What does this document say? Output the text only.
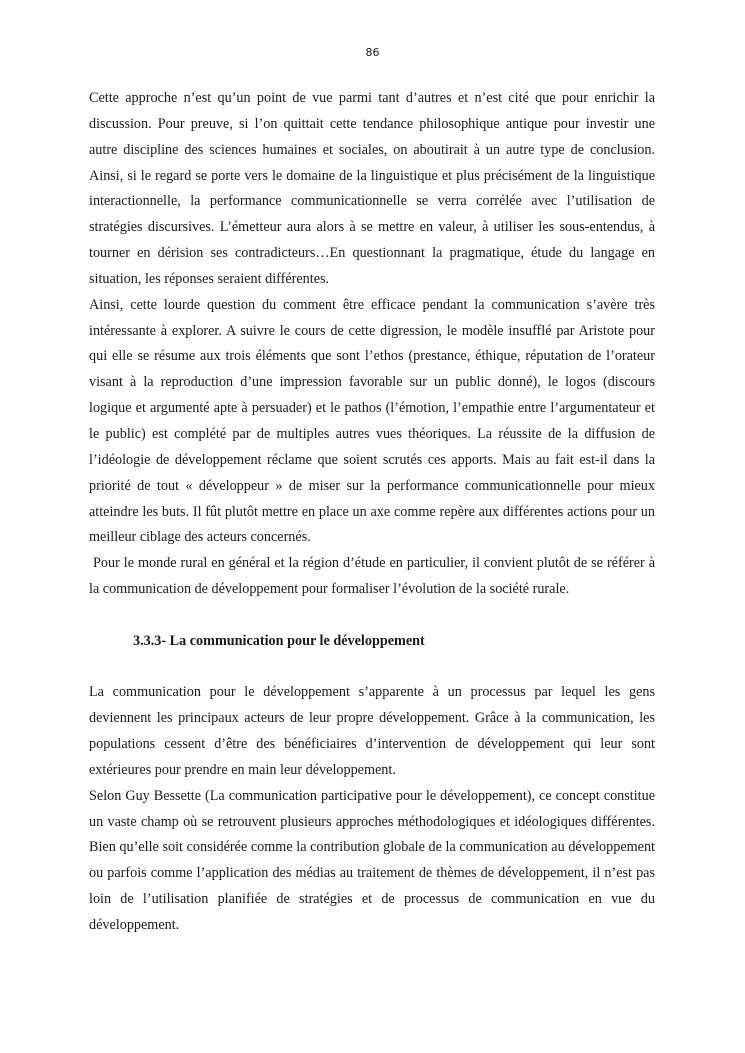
86

Cette approche n’est qu’un point de vue parmi tant d’autres et n’est cité que pour enrichir la discussion. Pour preuve, si l’on quittait cette tendance philosophique antique pour investir une autre discipline des sciences humaines et sociales, on aboutirait à un autre type de conclusion. Ainsi, si le regard se porte vers le domaine de la linguistique et plus précisément de la linguistique interactionnelle, la performance communicationnelle se verra corrélée avec l’utilisation de stratégies discursives. L’émetteur aura alors à se mettre en valeur, à utiliser les sous-entendus, à tourner en dérision ses contradicteurs…En questionnant la pragmatique, étude du langage en situation, les réponses seraient différentes.

Ainsi, cette lourde question du comment être efficace pendant la communication s’avère très intéressante à explorer. A suivre le cours de cette digression, le modèle insufflé par Aristote pour qui elle se résume aux trois éléments que sont l’ethos (prestance, éthique, réputation de l’orateur visant à la reproduction d’une impression favorable sur un public donné), le logos (discours logique et argumenté apte à persuader) et le pathos (l’émotion, l’empathie entre l’argumentateur et le public) est complété par de multiples autres vues théoriques. La réussite de la diffusion de l’idéologie de développement réclame que soient scrutés ces apports. Mais au fait est-il dans la priorité de tout « développeur » de miser sur la performance communicationnelle pour mieux atteindre les buts. Il fût plutôt mettre en place un axe comme repère aux différentes actions pour un meilleur ciblage des acteurs concernés.

Pour le monde rural en général et la région d’étude en particulier, il convient plutôt de se référer à la communication de développement pour formaliser l’évolution de la société rurale.

3.3.3- La communication pour le développement

La communication pour le développement s’apparente à un processus par lequel les gens deviennent les principaux acteurs de leur propre développement. Grâce à la communication, les populations cessent d’être des bénéficiaires d’intervention de développement qui leur sont extérieures pour prendre en main leur développement.

Selon Guy Bessette (La communication participative pour le développement), ce concept constitue un vaste champ où se retrouvent plusieurs approches méthodologiques et idéologiques différentes. Bien qu’elle soit considérée comme la contribution globale de la communication au développement ou parfois comme l’application des médias au traitement de thèmes de développement, il n’est pas loin de l’utilisation planifiée de stratégies et de processus de communication en vue du développement.
